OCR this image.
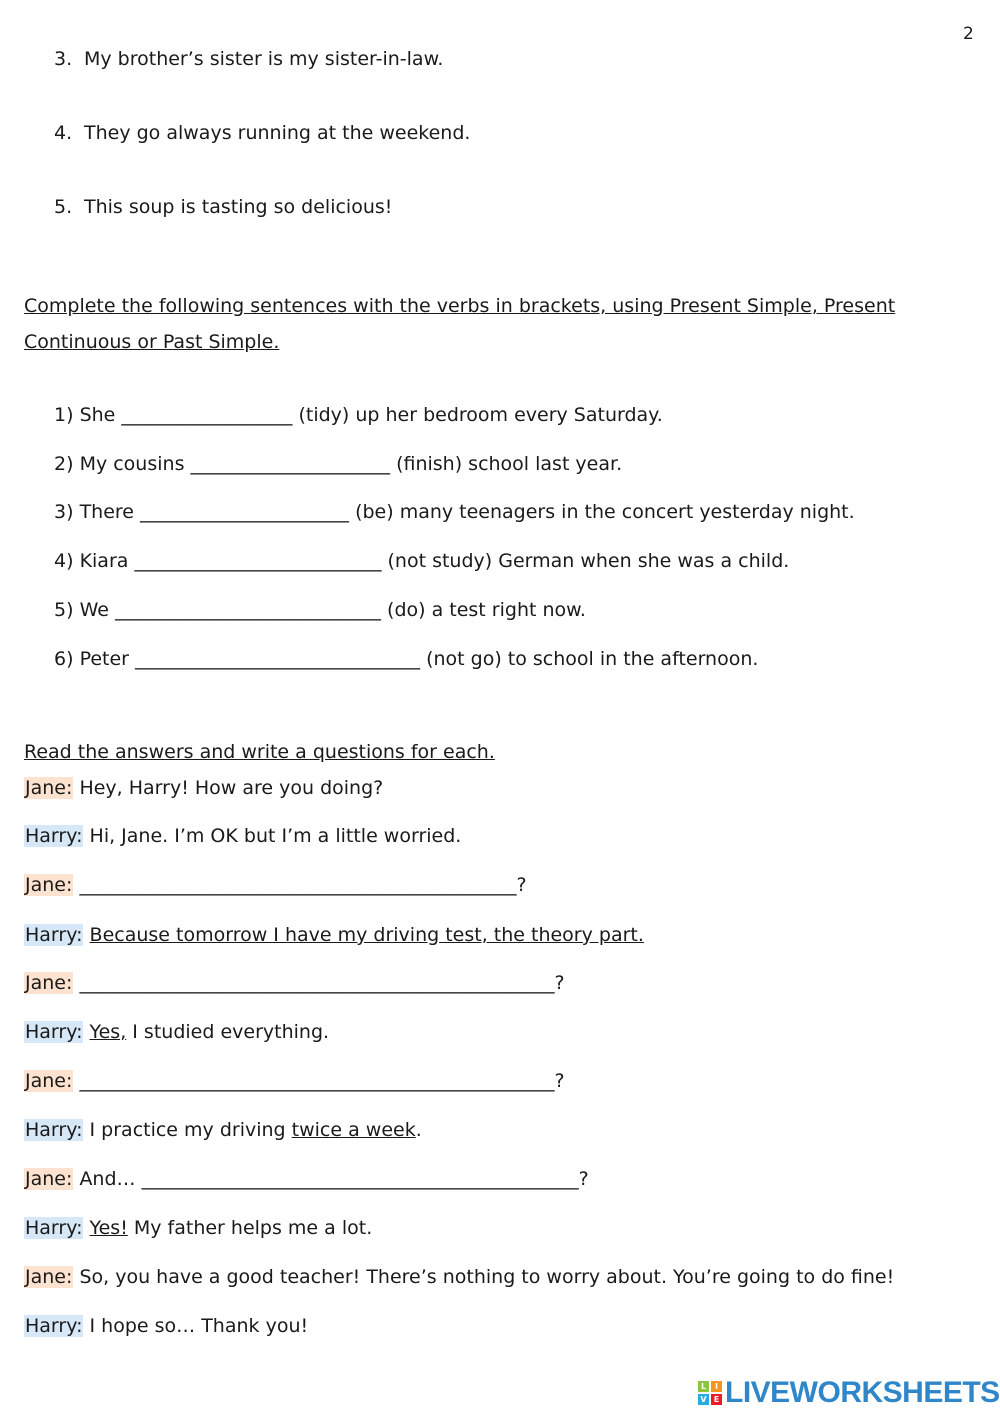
2
3. My brother’s sister is my sister-in-law.
4. They go always running at the weekend.
5. This soup is tasting so delicious!
Complete the following sentences with the verbs in brackets, using Present Simple, Present
Continuous or Past Simple.
1) She __________________ (tidy) up her bedroom every Saturday.
2) My cousins _____________________ (finish) school last year.
3) There ______________________ (be) many teenagers in the concert yesterday night.
4) Kiara __________________________ (not study) German when she was a child.
5) We ____________________________ (do) a test right now.
6) Peter ______________________________ (not go) to school in the afternoon.
Read the answers and write a questions for each.
Jane: Hey, Harry! How are you doing?
Harry: Hi, Jane. I’m OK but I’m a little worried.
Jane: ______________________________________________?
Harry: Because tomorrow I have my driving test, the theory part.
Jane: __________________________________________________?
Harry: Yes, I studied everything.
Jane: __________________________________________________?
Harry: I practice my driving twice a week.
Jane: And… ______________________________________________?
Harry: Yes! My father helps me a lot.
Jane: So, you have a good teacher! There’s nothing to worry about. You’re going to do fine!
Harry: I hope so… Thank you!
L	I
V E LIVEWORKSHEETS
